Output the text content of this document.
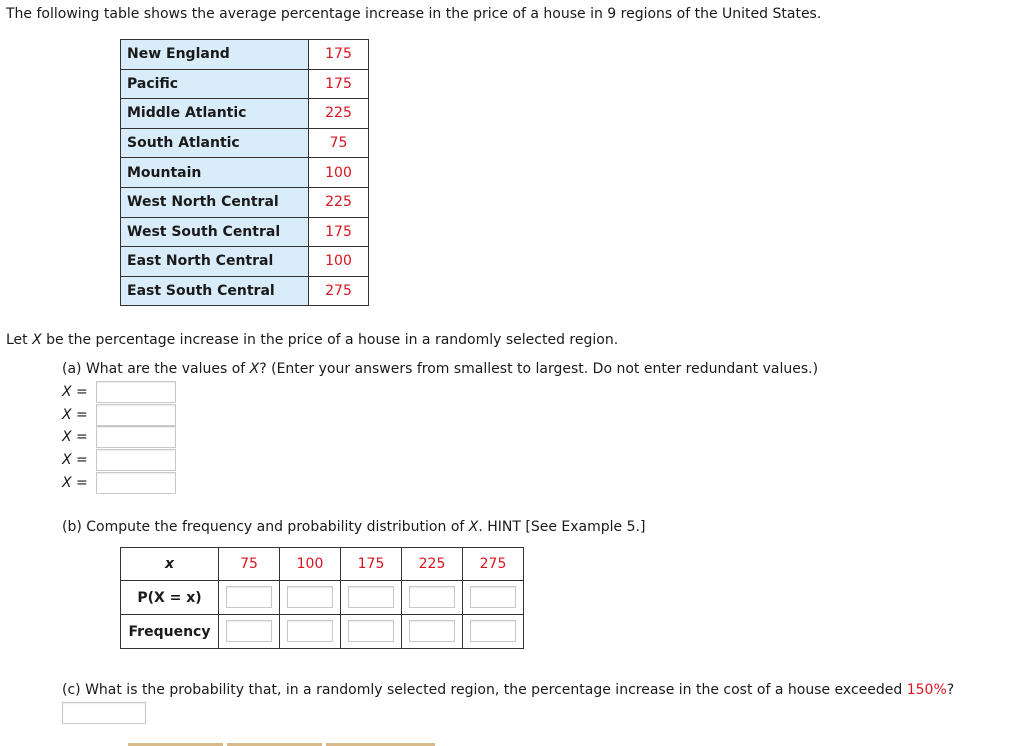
The following table shows the average percentage increase in the price of a house in 9 regions of the United States.

New England	175
Pacific	175
Middle Atlantic	225
South Atlantic	75
Mountain	100
West North Central	225
West South Central	175
East North Central	100
East South Central	275

Let X be the percentage increase in the price of a house in a randomly selected region.

(a) What are the values of X? (Enter your answers from smallest to largest. Do not enter redundant values.)

X =
X =
X =
X =
X =

(b) Compute the frequency and probability distribution of X. HINT [See Example 5.]

x	75	100	175	225	275
P(X = x)					
Frequency					

(c) What is the probability that, in a randomly selected region, the percentage increase in the cost of a house exceeded 150%?
